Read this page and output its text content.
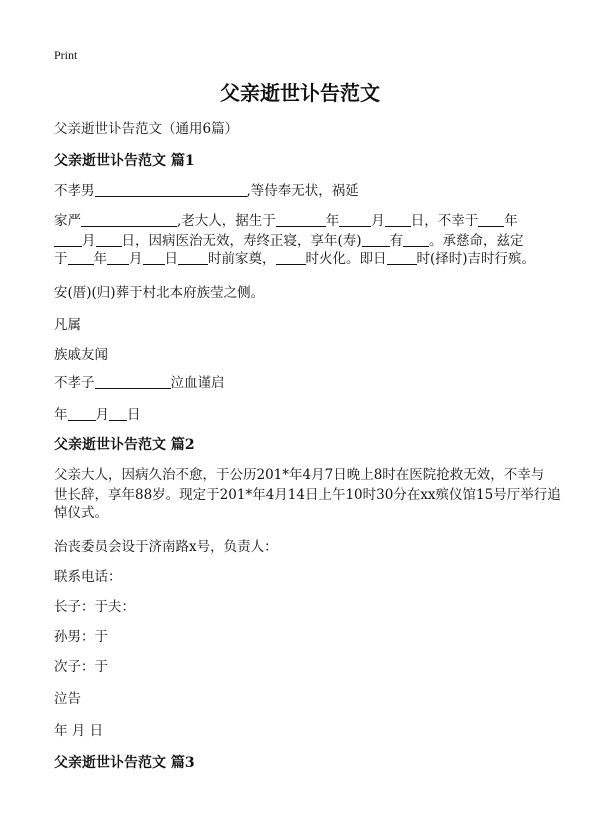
Print
父亲逝世讣告范文
父亲逝世讣告范文（通用6篇）
父亲逝世讣告范文 篇1
不孝男	,等侍奉无状，祸延
家严	,老大人，据生于	年 月 日，不幸于 年
月 日，因病医治无效，寿终正寝，享年(寿) 有 。承慈命，兹定
于 年 月 日 时前家奠， 时火化。即日 时(择时)吉时行殡。
安(厝)(归)葬于村北本府族莹之侧。
凡属
族戚友闻
不孝子	泣血谨启
年 月 日
父亲逝世讣告范文 篇2
父亲大人，因病久治不愈，于公历201*年4月7日晚上8时在医院抢救无效，不幸与
世长辞，享年88岁。现定于201*年4月14日上午10时30分在xx殡仪馆15号厅举行追
悼仪式。
治丧委员会设于济南路x号，负责人：
联系电话：
长子：于夫：
孙男：于
次子：于
泣告
年 月 日
父亲逝世讣告范文 篇3
